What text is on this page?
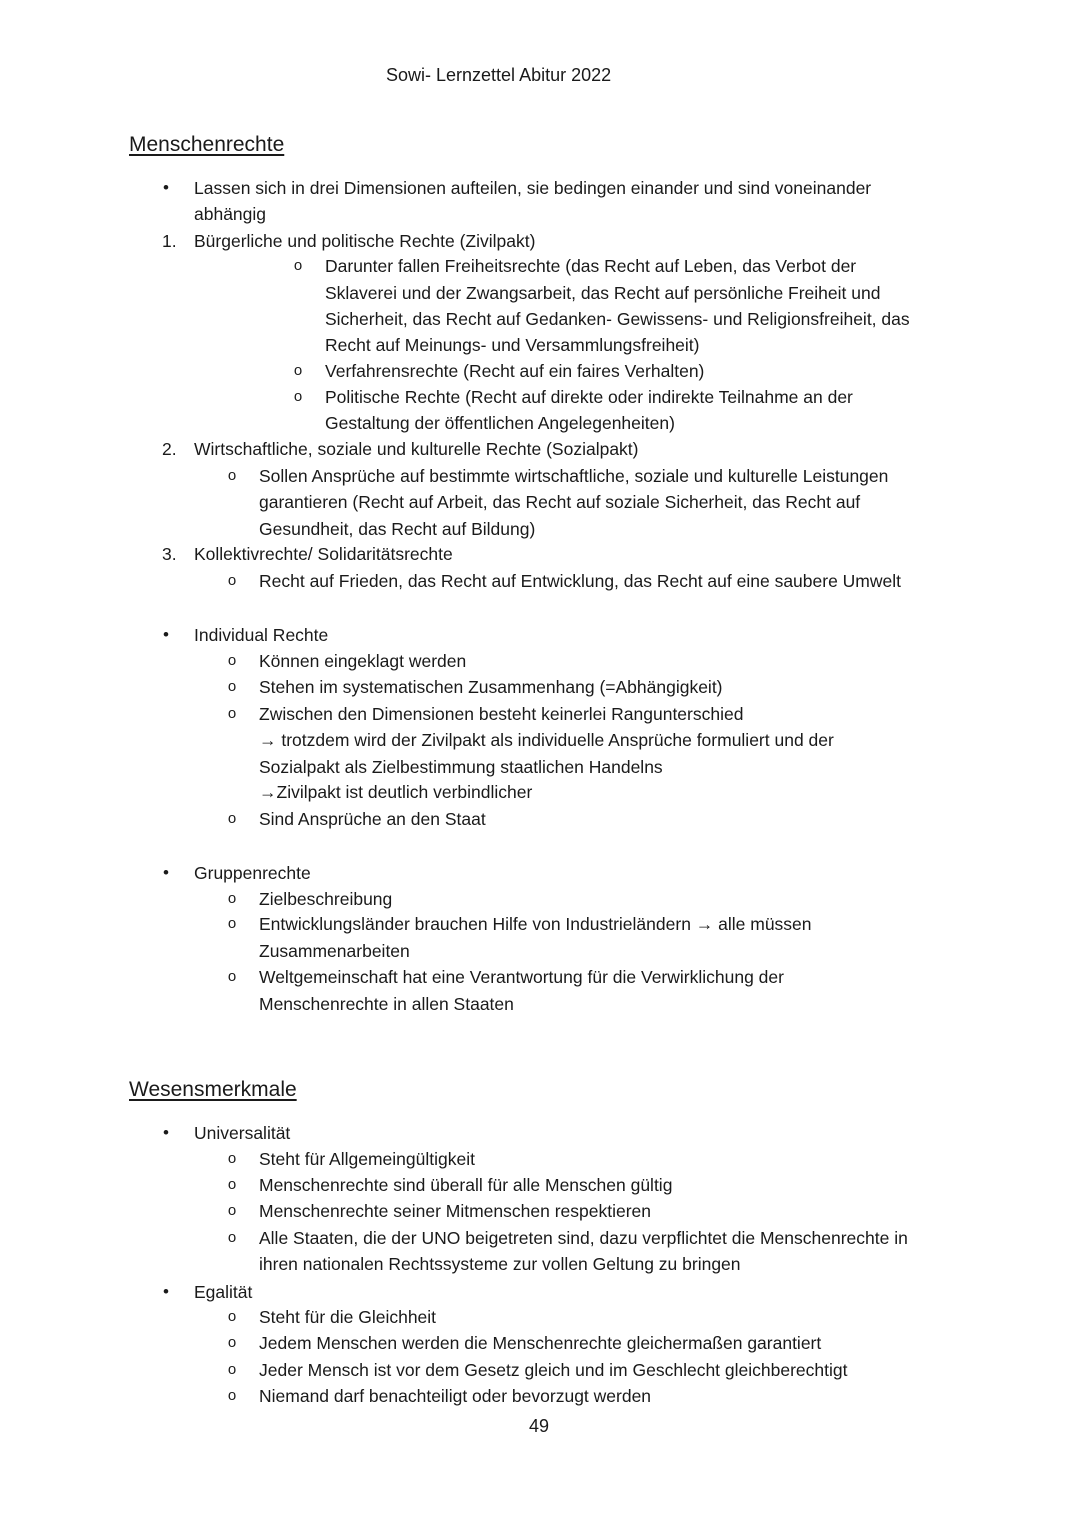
Sowi- Lernzettel Abitur 2022
Menschenrechte
• Lassen sich in drei Dimensionen aufteilen, sie bedingen einander und sind voneinander
abhängig
1. Bürgerliche und politische Rechte (Zivilpakt)
o Darunter fallen Freiheitsrechte (das Recht auf Leben, das Verbot der
Sklaverei und der Zwangsarbeit, das Recht auf persönliche Freiheit und
Sicherheit, das Recht auf Gedanken- Gewissens- und Religionsfreiheit, das
Recht auf Meinungs- und Versammlungsfreiheit)
o Verfahrensrechte (Recht auf ein faires Verhalten)
o Politische Rechte (Recht auf direkte oder indirekte Teilnahme an der
Gestaltung der öffentlichen Angelegenheiten)
2. Wirtschaftliche, soziale und kulturelle Rechte (Sozialpakt)
o Sollen Ansprüche auf bestimmte wirtschaftliche, soziale und kulturelle Leistungen
garantieren (Recht auf Arbeit, das Recht auf soziale Sicherheit, das Recht auf
Gesundheit, das Recht auf Bildung)
3. Kollektivrechte/ Solidaritätsrechte
o Recht auf Frieden, das Recht auf Entwicklung, das Recht auf eine saubere Umwelt
• Individual Rechte
o Können eingeklagt werden
o Stehen im systematischen Zusammenhang (=Abhängigkeit)
o Zwischen den Dimensionen besteht keinerlei Rangunterschied
→ trotzdem wird der Zivilpakt als individuelle Ansprüche formuliert und der
Sozialpakt als Zielbestimmung staatlichen Handelns
→Zivilpakt ist deutlich verbindlicher
o Sind Ansprüche an den Staat
• Gruppenrechte
o Zielbeschreibung
o Entwicklungsländer brauchen Hilfe von Industrieländern → alle müssen
Zusammenarbeiten
o Weltgemeinschaft hat eine Verantwortung für die Verwirklichung der
Menschenrechte in allen Staaten
Wesensmerkmale
• Universalität
o Steht für Allgemeingültigkeit
o Menschenrechte sind überall für alle Menschen gültig
o Menschenrechte seiner Mitmenschen respektieren
o Alle Staaten, die der UNO beigetreten sind, dazu verpflichtet die Menschenrechte in
ihren nationalen Rechtssysteme zur vollen Geltung zu bringen
• Egalität
o Steht für die Gleichheit
o Jedem Menschen werden die Menschenrechte gleichermaßen garantiert
o Jeder Mensch ist vor dem Gesetz gleich und im Geschlecht gleichberechtigt
o Niemand darf benachteiligt oder bevorzugt werden
49
